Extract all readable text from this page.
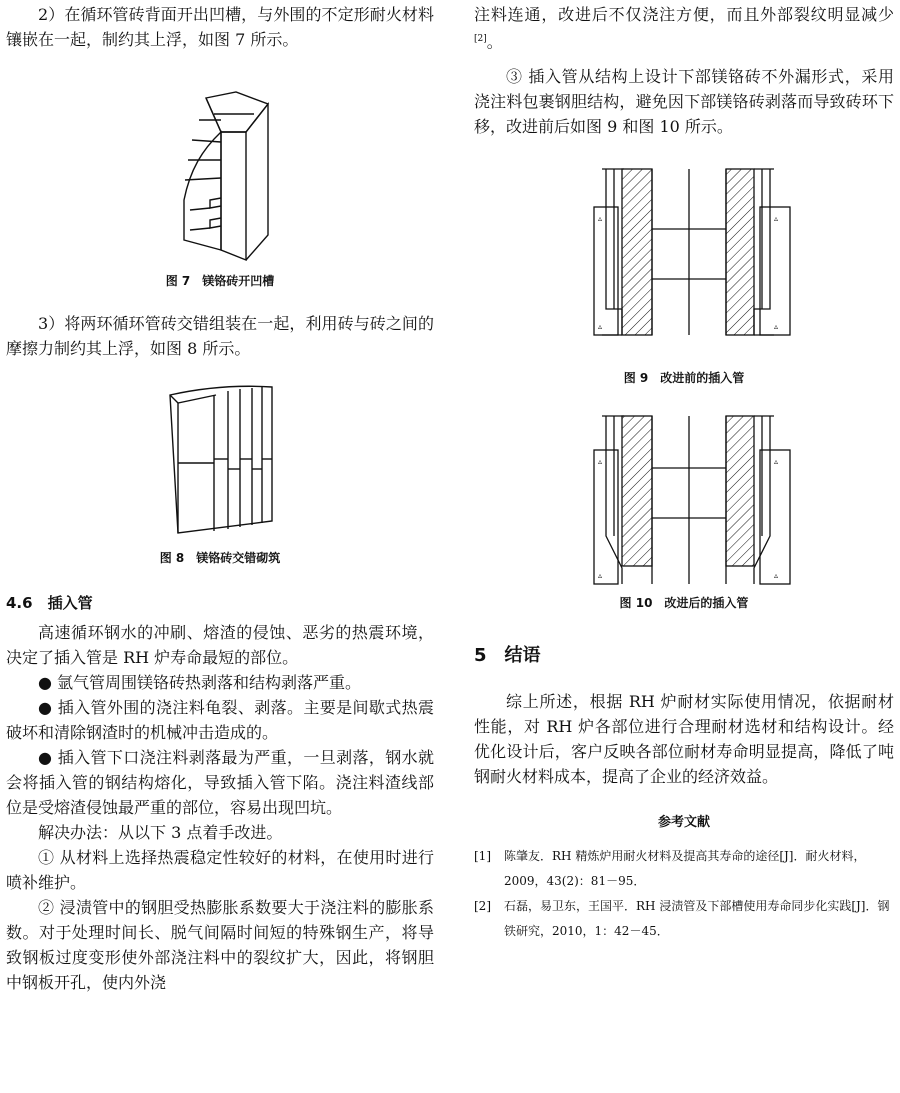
2）在循环管砖背面开出凹槽，与外围的不定形耐火材料镶嵌在一起，制约其上浮，如图 7 所示。

图 7　镁铬砖开凹槽

3）将两环循环管砖交错组装在一起，利用砖与砖之间的摩擦力制约其上浮，如图 8 所示。

图 8　镁铬砖交错砌筑
4.6　插入管

高速循环钢水的冲刷、熔渣的侵蚀、恶劣的热震环境，决定了插入管是 RH 炉寿命最短的部位。

● 氩气管周围镁铬砖热剥落和结构剥落严重。

● 插入管外围的浇注料龟裂、剥落。主要是间歇式热震破坏和清除钢渣时的机械冲击造成的。

● 插入管下口浇注料剥落最为严重，一旦剥落，钢水就会将插入管的钢结构熔化，导致插入管下陷。浇注料渣线部位是受熔渣侵蚀最严重的部位，容易出现凹坑。

解决办法：从以下 3 点着手改进。

① 从材料上选择热震稳定性较好的材料，在使用时进行喷补维护。

② 浸渍管中的钢胆受热膨胀系数要大于浇注料的膨胀系数。对于处理时间长、脱气间隔时间短的特殊钢生产，将导致钢板过度变形使外部浇注料中的裂纹扩大，因此，将钢胆中钢板开孔，使内外浇

注料连通，改进后不仅浇注方便，而且外部裂纹明显减少[2]。

③ 插入管从结构上设计下部镁铬砖不外漏形式，采用浇注料包裹钢胆结构，避免因下部镁铬砖剥落而导致砖环下移，改进前后如图 9 和图 10 所示。

▵
▵
▵
▵
图 9　改进前的插入管
▵
▵
▵
▵
图 10　改进后的插入管
5　结语

综上所述，根据 RH 炉耐材实际使用情况，依据耐材性能，对 RH 炉各部位进行合理耐材选材和结构设计。经优化设计后，客户反映各部位耐材寿命明显提高，降低了吨钢耐火材料成本，提高了企业的经济效益。

参考文献
[1]	陈肇友．RH 精炼炉用耐火材料及提高其寿命的途径[J]．耐火材料，2009，43(2)：81－95．
[2]	石磊，易卫东，王国平．RH 浸渍管及下部槽使用寿命同步化实践[J]．钢铁研究，2010，1：42－45．
